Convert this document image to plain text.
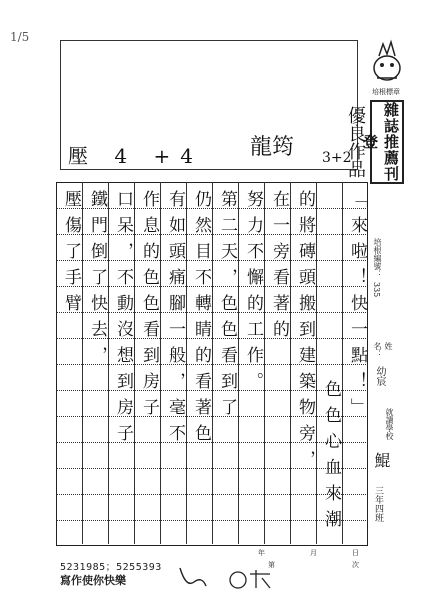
1/5
培根標章
雜誌推薦刊登
壓 4 +4 龍筠 3+2
優良作品
「來啦！快一點！」
色色心血來潮
的將磚頭搬到建築物旁，
在一旁看著的
努力不懈的工作。
第二天，色色看到了
仍然目不轉睛的看著色
有如頭痛腳一般，毫不
作息的色色看到房子
口呆，不動沒想到房子
鐵門倒了快去，
壓傷了手臂	培根編號：
335
姓名：
幼宸
就讀學校
鯤
三年四班
年
第
月	日
次
5231985；5255393
寫作使你快樂
